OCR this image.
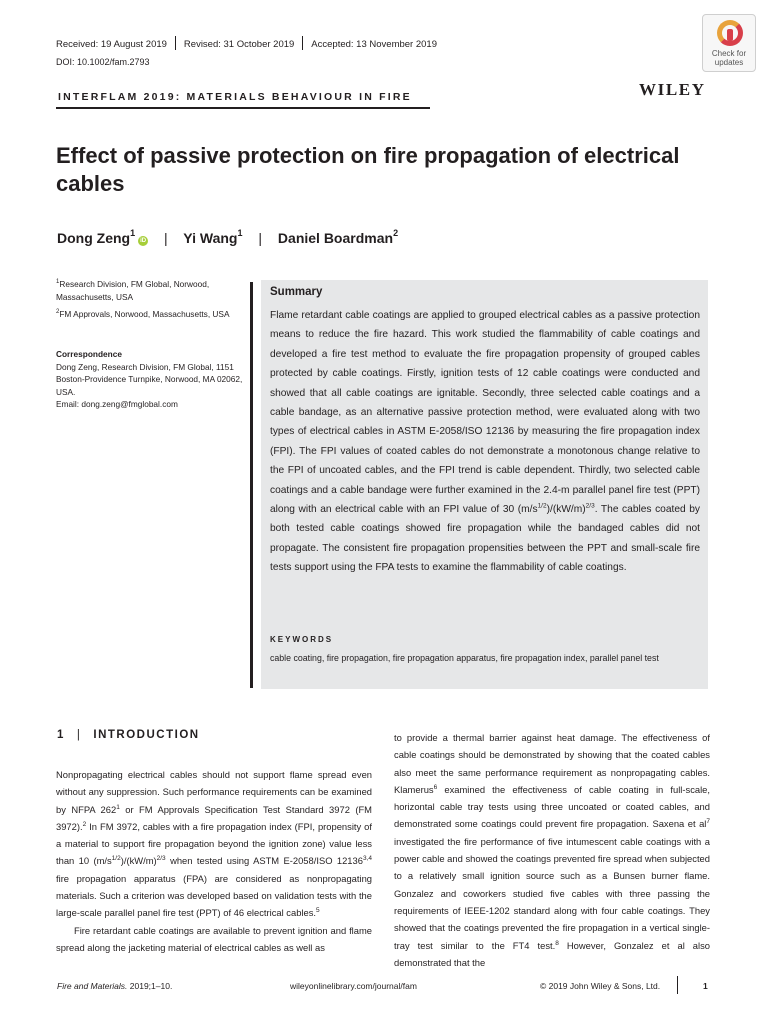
Received: 19 August 2019 Revised: 31 October 2019 Accepted: 13 November 2019
DOI: 10.1002/fam.2793
Check for updates
INTERFLAM 2019: MATERIALS BEHAVIOUR IN FIRE	WILEY
Effect of passive protection on fire propagation of electrical cables
Dong Zeng$^1$iD | Yi Wang$^1$ | Daniel Boardman$^2$
$^1$Research Division, FM Global, Norwood, Massachusetts, USA
$^2$FM Approvals, Norwood, Massachusetts, USA
Correspondence
Dong Zeng, Research Division, FM Global, 1151 Boston-Providence Turnpike, Norwood, MA 02062, USA.
Email: dong.zeng@fmglobal.com
Summary
Flame retardant cable coatings are applied to grouped electrical cables as a passive protection means to reduce the fire hazard. This work studied the flammability of cable coatings and developed a fire test method to evaluate the fire propagation propensity of grouped cables protected by cable coatings. Firstly, ignition tests of 12 cable coatings were conducted and showed that all cable coatings are ignitable. Secondly, three selected cable coatings and a cable bandage, as an alternative passive protection method, were evaluated along with two types of electrical cables in ASTM E-2058/ISO 12136 by measuring the fire propagation index (FPI). The FPI values of coated cables do not demonstrate a monotonous change relative to the FPI of uncoated cables, and the FPI trend is cable dependent. Thirdly, two selected cable coatings and a cable bandage were further examined in the 2.4-m parallel panel fire test (PPT) along with an electrical cable with an FPI value of 30 $(m/s^{1/2})/(kW/m)^{2/3}$. The cables coated by both tested cable coatings showed fire propagation while the bandaged cables did not propagate. The consistent fire propagation propensities between the PPT and small-scale fire tests support using the FPA tests to examine the flammability of cable coatings.
KEYWORDS
cable coating, fire propagation, fire propagation apparatus, fire propagation index, parallel panel test
1 | INTRODUCTION

Nonpropagating electrical cables should not support flame spread even without any suppression. Such performance requirements can be examined by NFPA $262^1$ or FM Approvals Specification Test Standard 3972 (FM 3972).$^2$ In FM 3972, cables with a fire propagation index (FPI, propensity of a material to support fire propagation beyond the ignition zone) value less than 10 $(m/s^{1/2})/(kW/m)^{2/3}$ when tested using ASTM E-2058/ISO 12136$^{3,4}$ fire propagation apparatus (FPA) are considered as nonpropagating materials. Such a criterion was developed based on validation tests with the large-scale parallel panel fire test (PPT) of 46 electrical cables.$^5$

Fire retardant cable coatings are available to prevent ignition and flame spread along the jacketing material of electrical cables as well as

to provide a thermal barrier against heat damage. The effectiveness of cable coatings should be demonstrated by showing that the coated cables also meet the same performance requirement as nonpropagating cables. Klamerus$^6$ examined the effectiveness of cable coating in full-scale, horizontal cable tray tests using three uncoated or coated cables, and demonstrated some coatings could prevent fire propagation. Saxena et $al^7$ investigated the fire performance of five intumescent cable coatings with a power cable and showed the coatings prevented fire spread when subjected to a relatively small ignition source such as a Bunsen burner flame. Gonzalez and coworkers studied five cables with three passing the requirements of IEEE-1202 standard along with four cable coatings. They showed that the coatings prevented the fire propagation in a vertical single-tray test similar to the FT4 test.$^8$ However, Gonzalez et al also demonstrated that the

Fire and Materials. 2019;1–10.	wileyonlinelibrary.com/journal/fam	© 2019 John Wiley & Sons, Ltd.	1
